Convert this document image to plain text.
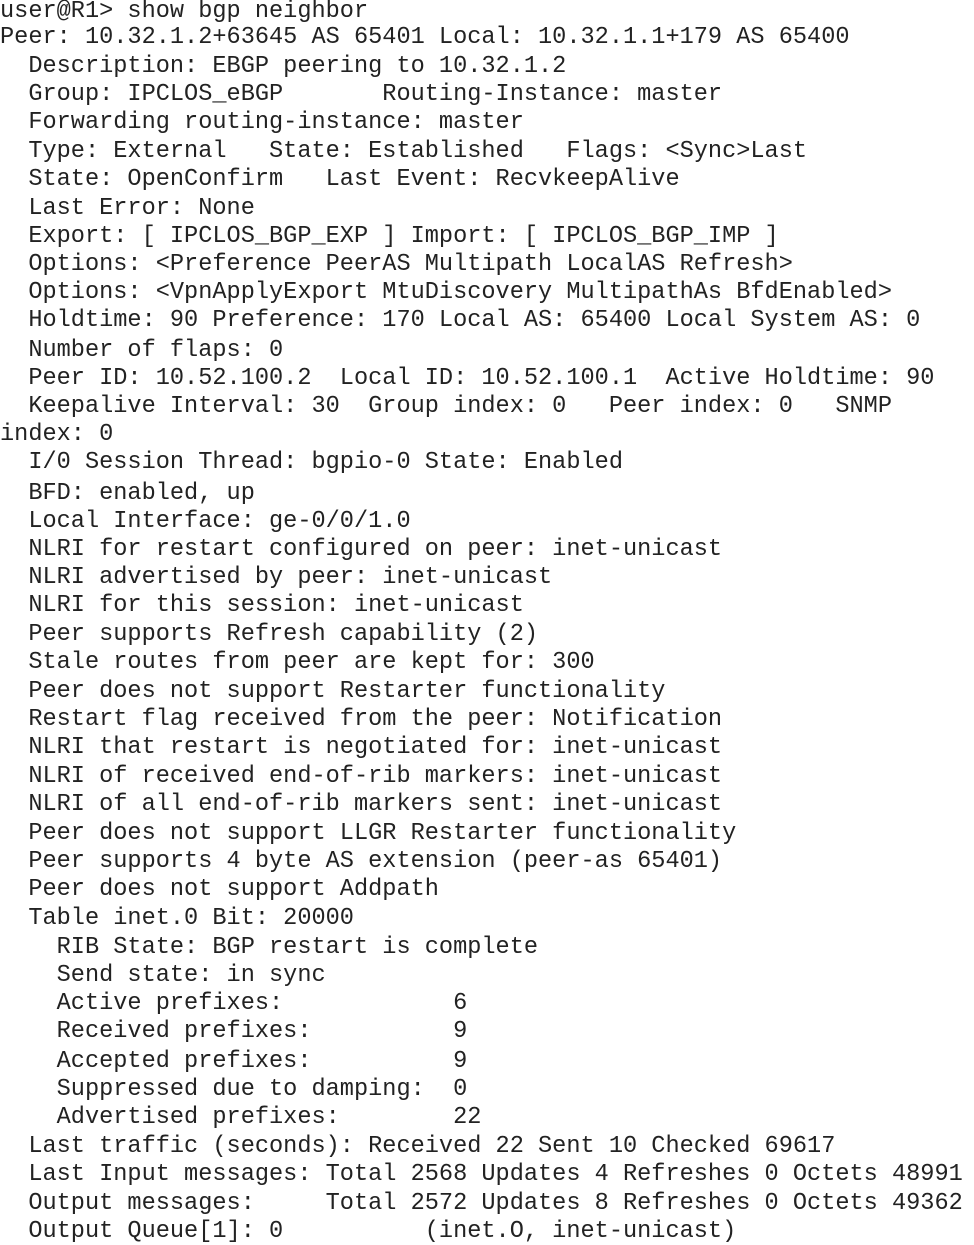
user@R1> show bgp neighbor
Peer: 10.32.1.2+63645 AS 65401 Local: 10.32.1.1+179 AS 65400
Description: EBGP peering to 10.32.1.2
Group: IPCLOS_eBGP       Routing-Instance: master
Forwarding routing-instance: master
Type: External   State: Established   Flags: <Sync>Last
State: OpenConfirm   Last Event: RecvkeepAlive
Last Error: None
Export: [ IPCLOS_BGP_EXP ] Import: [ IPCLOS_BGP_IMP ]
Options: <Preference PeerAS Multipath LocalAS Refresh>
Options: <VpnApplyExport MtuDiscovery MultipathAs BfdEnabled>
Holdtime: 90 Preference: 170 Local AS: 65400 Local System AS: 0
Number of flaps: 0
Peer ID: 10.52.100.2  Local ID: 10.52.100.1  Active Holdtime: 90
Keepalive Interval: 30  Group index: 0   Peer index: 0   SNMP
index: 0
I/0 Session Thread: bgpio-0 State: Enabled
BFD: enabled, up
Local Interface: ge-0/0/1.0
NLRI for restart configured on peer: inet-unicast
NLRI advertised by peer: inet-unicast
NLRI for this session: inet-unicast
Peer supports Refresh capability (2)
Stale routes from peer are kept for: 300
Peer does not support Restarter functionality
Restart flag received from the peer: Notification
NLRI that restart is negotiated for: inet-unicast
NLRI of received end-of-rib markers: inet-unicast
NLRI of all end-of-rib markers sent: inet-unicast
Peer does not support LLGR Restarter functionality
Peer supports 4 byte AS extension (peer-as 65401)
Peer does not support Addpath
Table inet.0 Bit: 20000
RIB State: BGP restart is complete
Send state: in sync
Active prefixes:            6
Received prefixes:          9
Accepted prefixes:          9
Suppressed due to damping:  0
Advertised prefixes:        22
Last traffic (seconds): Received 22 Sent 10 Checked 69617
Last Input messages: Total 2568 Updates 4 Refreshes 0 Octets 48991
Output messages:     Total 2572 Updates 8 Refreshes 0 Octets 49362
Output Queue[1]: 0          (inet.O, inet-unicast)
